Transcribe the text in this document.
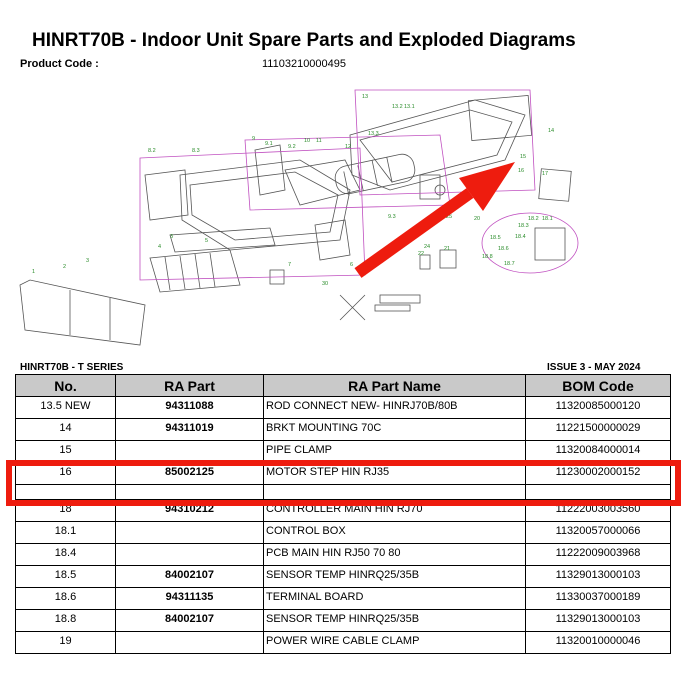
HINRT70B - Indoor Unit Spare Parts and Exploded Diagrams
Product Code :	11103210000495
13
13.2 13.1
14
13.3
10 11
9.1
9
9.2	12
15
16
8.2	8.3
17
3
4
5
9.3	20	18.2 18.1
18.3
18.4
18.5
18.6
18.8
18.7
21
22
24
25
1
2
3
6
7
30
HINRT70B - T SERIES	ISSUE 3 - MAY 2024
No.	RA Part	RA Part Name	BOM Code
13.5 NEW	94311088	ROD CONNECT NEW- HINRJ70B/80B	11320085000120
14	94311019	BRKT MOUNTING 70C	11221500000029
15		PIPE CLAMP	11320084000014
16	85002125	MOTOR STEP HIN RJ35	11230002000152

18	94310212	CONTROLLER MAIN HIN RJ70	11222003003560
18.1		CONTROL BOX	11320057000066
18.4		PCB MAIN HIN RJ50 70 80	11222009003968
18.5	84002107	SENSOR TEMP HINRQ25/35B	11329013000103
18.6	94311135	TERMINAL BOARD	11330037000189
18.8	84002107	SENSOR TEMP HINRQ25/35B	11329013000103
19		POWER WIRE CABLE CLAMP	11320010000046
